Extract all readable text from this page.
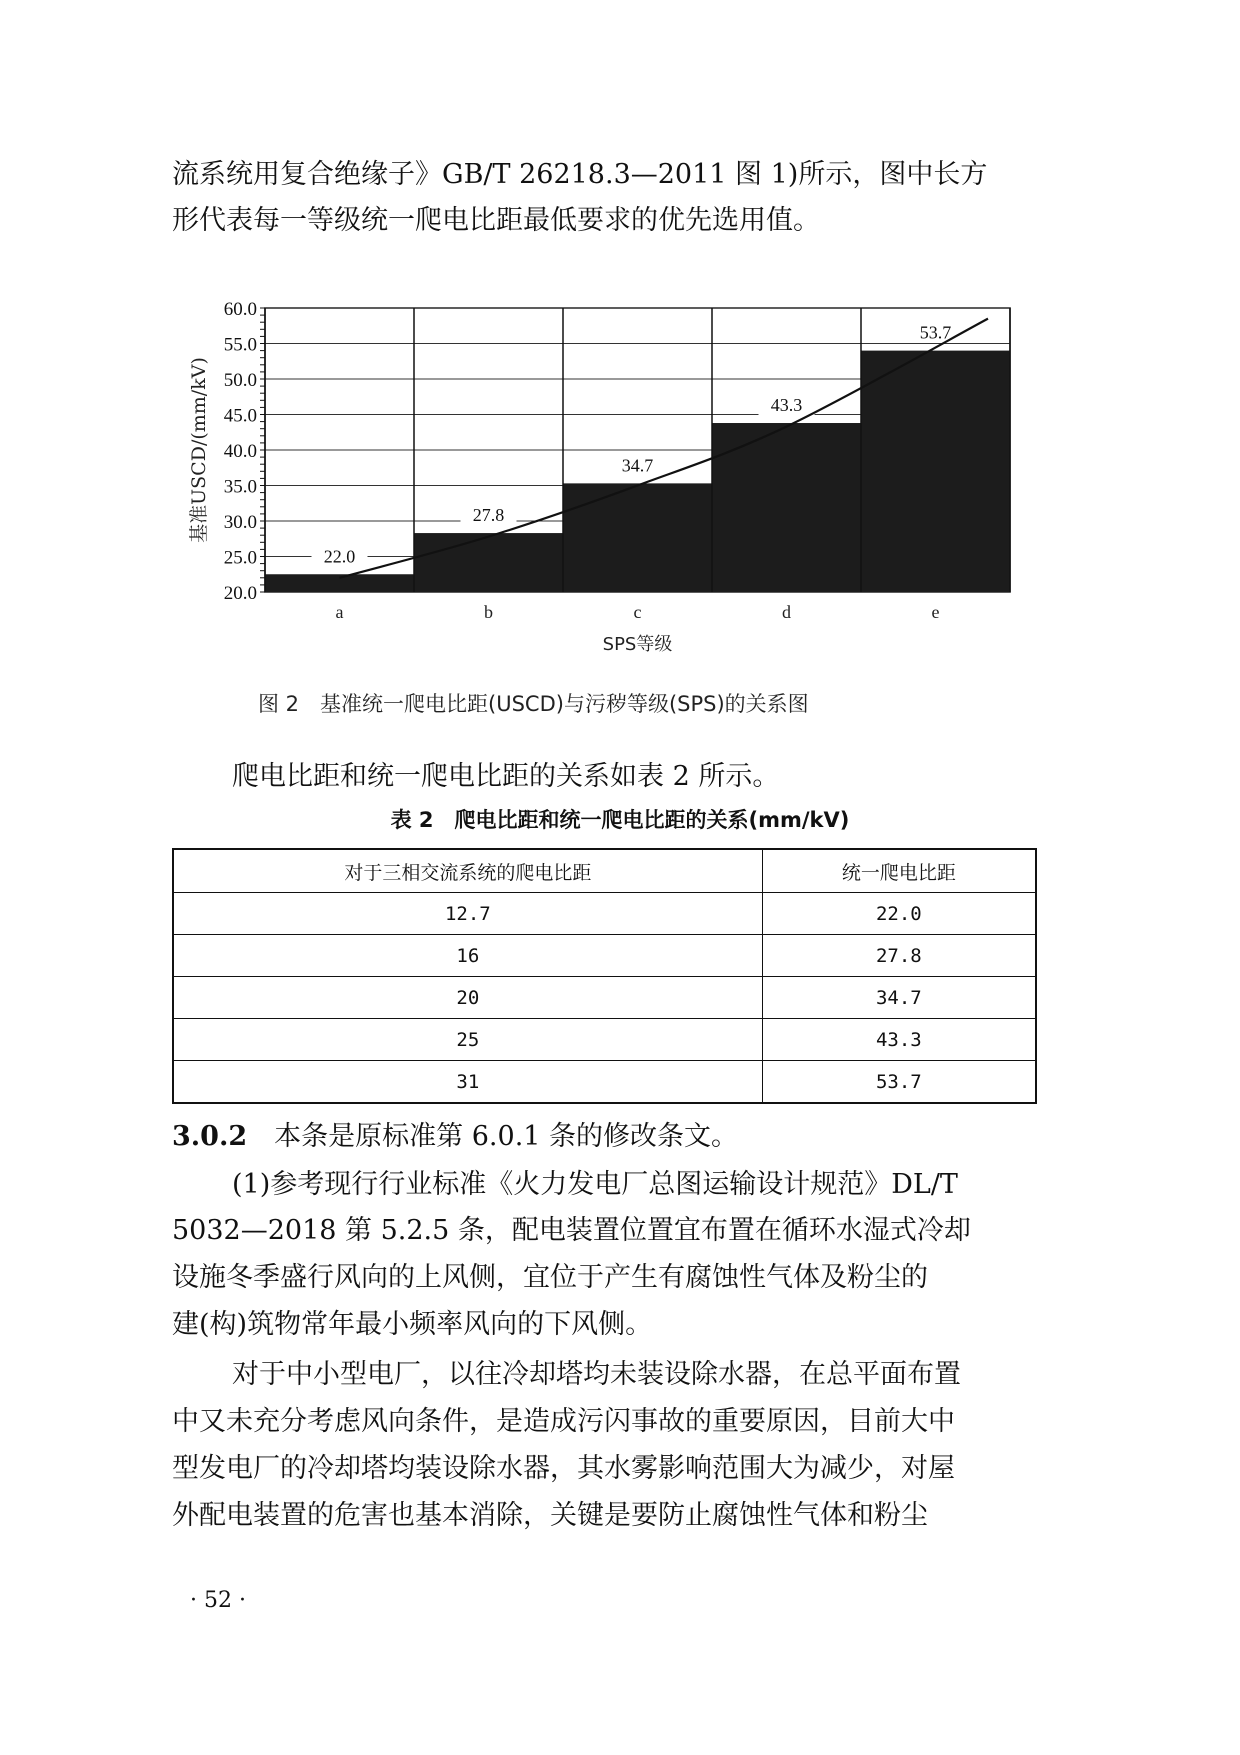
流系统用复合绝缘子》GB/T 26218.3—2011 图 1)所示，图中长方

形代表每一等级统一爬电比距最低要求的优先选用值。

20.0
25.0
30.0
35.0
40.0
45.0
50.0
55.0
60.0
22.0
27.8
34.7
43.3
53.7
a	b	c	d	e
SPS等级
基准USCD/(mm/kV)
图 2　基准统一爬电比距(USCD)与污秽等级(SPS)的关系图

爬电比距和统一爬电比距的关系如表 2 所示。

表 2　爬电比距和统一爬电比距的关系(mm/kV)
对于三相交流系统的爬电比距	统一爬电比距
12.7	22.0
16	27.8
20	34.7
25	43.3
31	53.7

3.0.2　 本条是原标准第 6.0.1 条的修改条文。

(1)参考现行行业标准《火力发电厂总图运输设计规范》DL/T

5032—2018 第 5.2.5 条，配电装置位置宜布置在循环水湿式冷却

设施冬季盛行风向的上风侧，宜位于产生有腐蚀性气体及粉尘的

建(构)筑物常年最小频率风向的下风侧。

对于中小型电厂，以往冷却塔均未装设除水器，在总平面布置

中又未充分考虑风向条件，是造成污闪事故的重要原因，目前大中

型发电厂的冷却塔均装设除水器，其水雾影响范围大为减少，对屋

外配电装置的危害也基本消除，关键是要防止腐蚀性气体和粉尘

· 52 ·
